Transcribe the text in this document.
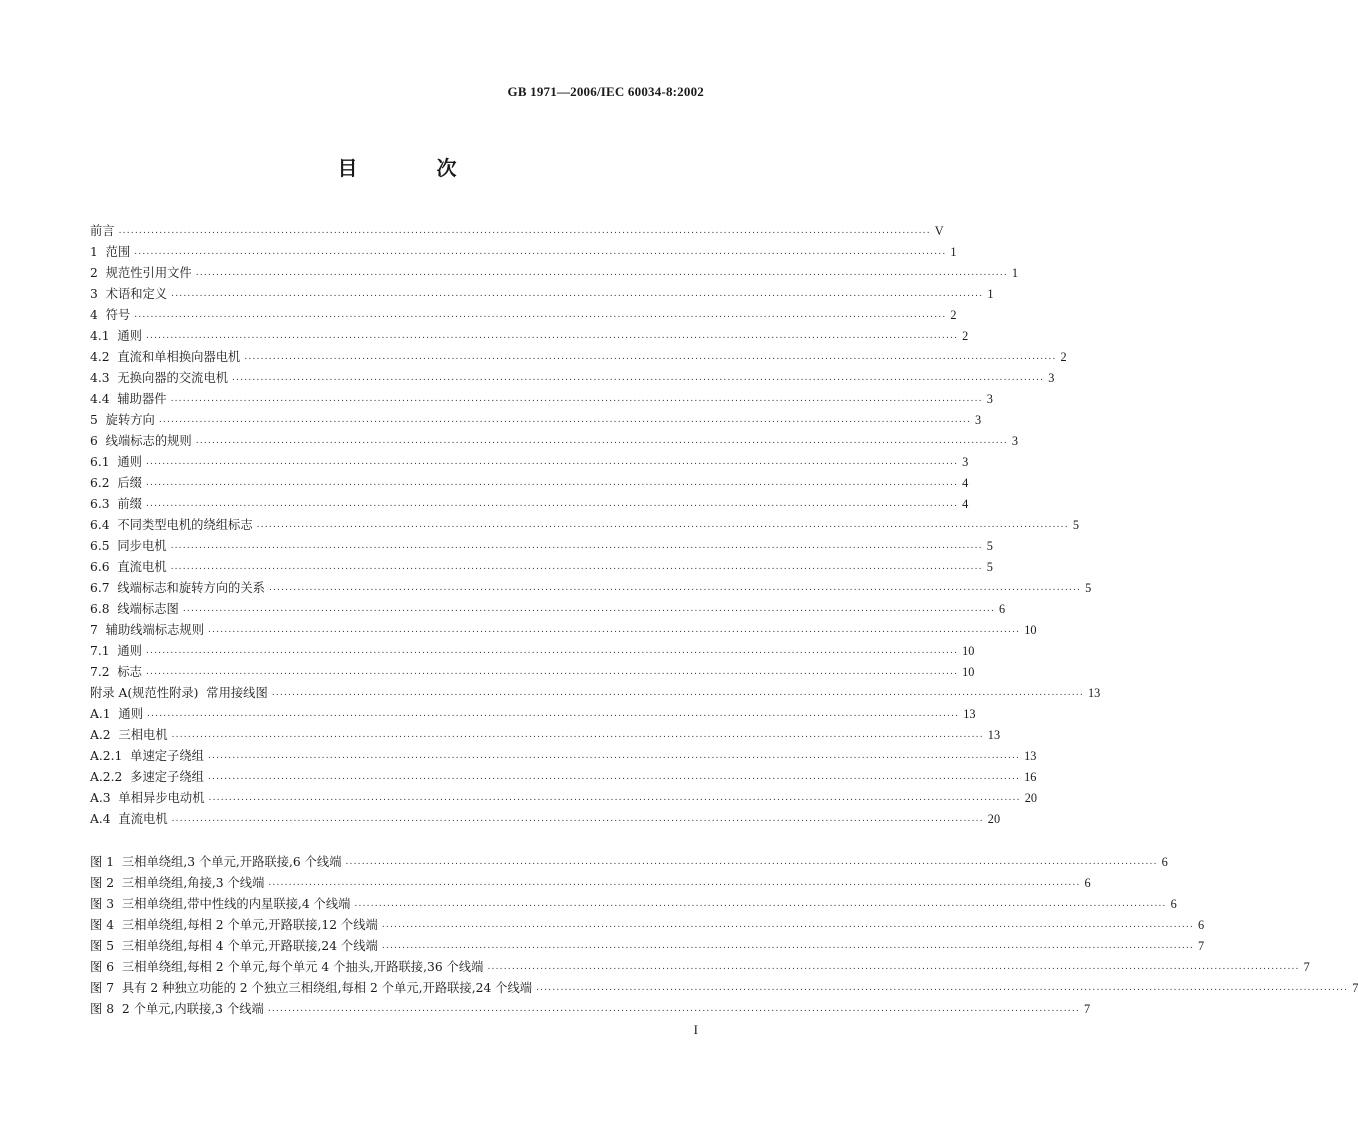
GB 1971—2006/IEC 60034-8:2002
目 次
前言 ........................................................................................................................................................................................................ V
1  范围 ........................................................................................................................................................................................................ 1
2  规范性引用文件 ........................................................................................................................................................................................................ 1
3  术语和定义 ........................................................................................................................................................................................................ 1
4  符号 ........................................................................................................................................................................................................ 2
4.1  通则 ........................................................................................................................................................................................................ 2
4.2  直流和单相换向器电机 ........................................................................................................................................................................................................ 2
4.3  无换向器的交流电机 ........................................................................................................................................................................................................ 3
4.4  辅助器件 ........................................................................................................................................................................................................ 3
5  旋转方向 ........................................................................................................................................................................................................ 3
6  线端标志的规则 ........................................................................................................................................................................................................ 3
6.1  通则 ........................................................................................................................................................................................................ 3
6.2  后缀 ........................................................................................................................................................................................................ 4
6.3  前缀 ........................................................................................................................................................................................................ 4
6.4  不同类型电机的绕组标志 ........................................................................................................................................................................................................ 5
6.5  同步电机 ........................................................................................................................................................................................................ 5
6.6  直流电机 ........................................................................................................................................................................................................ 5
6.7  线端标志和旋转方向的关系 ........................................................................................................................................................................................................ 5
6.8  线端标志图 ........................................................................................................................................................................................................ 6
7  辅助线端标志规则 ........................................................................................................................................................................................................ 10
7.1  通则 ........................................................................................................................................................................................................ 10
7.2  标志 ........................................................................................................................................................................................................ 10
附录 A(规范性附录)  常用接线图 ........................................................................................................................................................................................................ 13
A.1  通则 ........................................................................................................................................................................................................ 13
A.2  三相电机 ........................................................................................................................................................................................................ 13
A.2.1  单速定子绕组 ........................................................................................................................................................................................................ 13
A.2.2  多速定子绕组 ........................................................................................................................................................................................................ 16
A.3  单相异步电动机 ........................................................................................................................................................................................................ 20
A.4  直流电机 ........................................................................................................................................................................................................ 20
图 1  三相单绕组,3 个单元,开路联接,6 个线端 ........................................................................................................................................................................................................ 6
图 2  三相单绕组,角接,3 个线端 ........................................................................................................................................................................................................ 6
图 3  三相单绕组,带中性线的内星联接,4 个线端 ........................................................................................................................................................................................................ 6
图 4  三相单绕组,每相 2 个单元,开路联接,12 个线端 ........................................................................................................................................................................................................ 6
图 5  三相单绕组,每相 4 个单元,开路联接,24 个线端 ........................................................................................................................................................................................................ 7
图 6  三相单绕组,每相 2 个单元,每个单元 4 个抽头,开路联接,36 个线端 ........................................................................................................................................................................................................ 7
图 7  具有 2 种独立功能的 2 个独立三相绕组,每相 2 个单元,开路联接,24 个线端 ........................................................................................................................................................................................................ 7
图 8  2 个单元,内联接,3 个线端 ........................................................................................................................................................................................................ 7
I
